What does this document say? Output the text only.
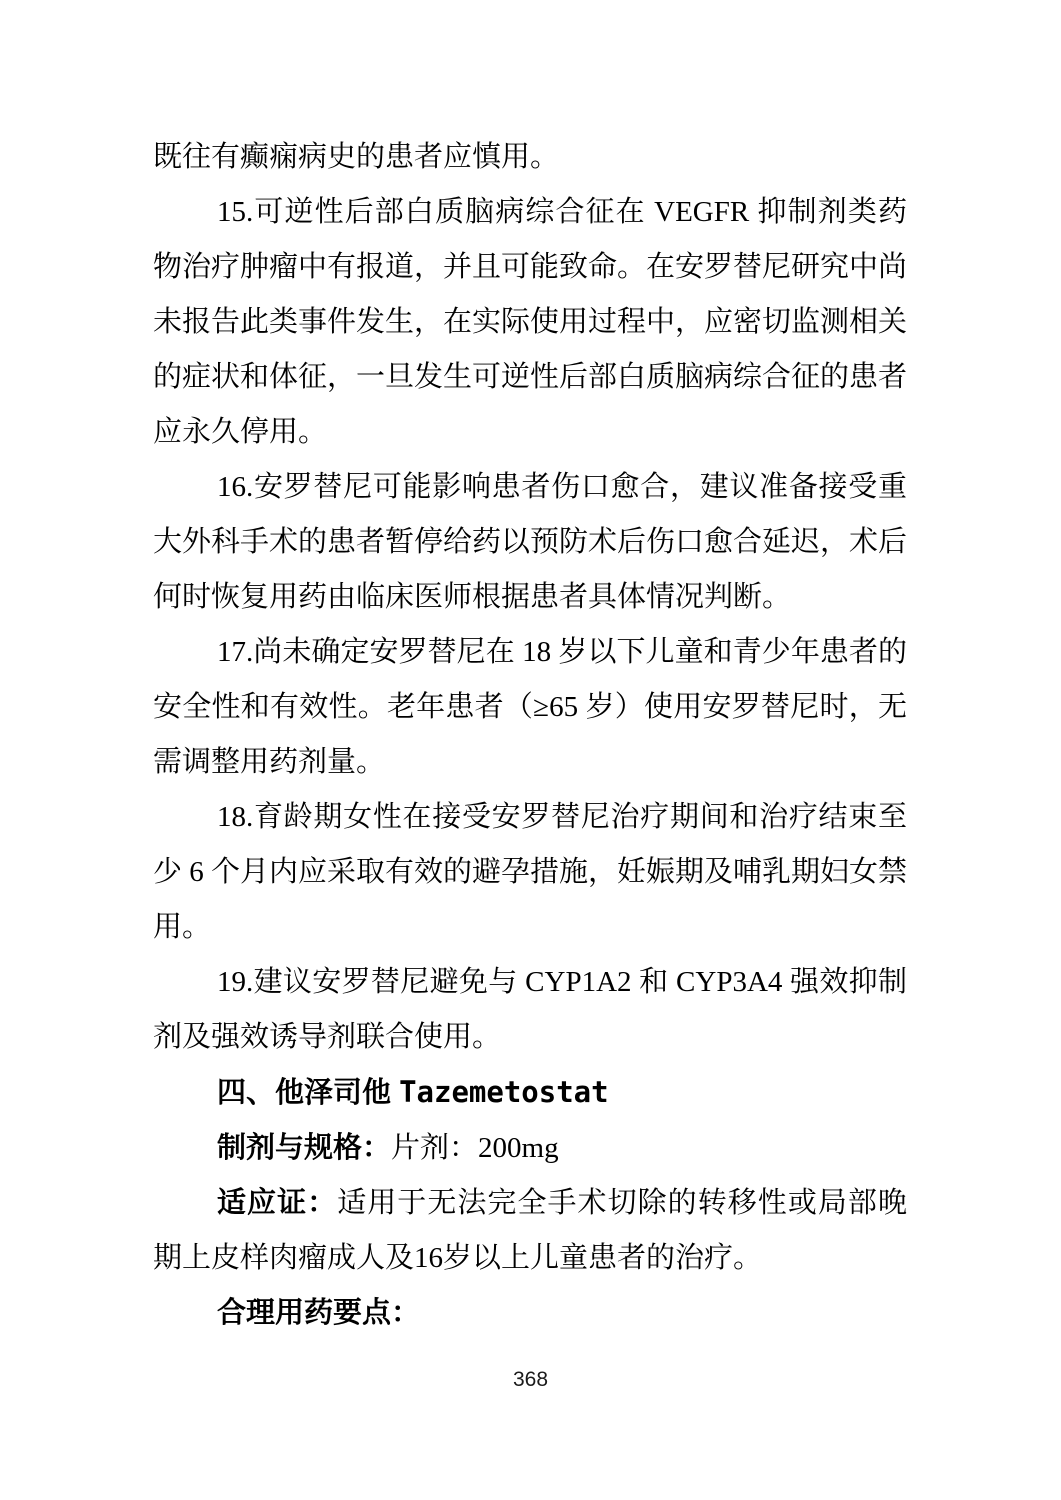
既往有癫痫病史的患者应慎用。

15.可逆性后部白质脑病综合征在 VEGFR 抑制剂类药物治疗肿瘤中有报道，并且可能致命。在安罗替尼研究中尚未报告此类事件发生，在实际使用过程中，应密切监测相关的症状和体征，一旦发生可逆性后部白质脑病综合征的患者应永久停用。

16.安罗替尼可能影响患者伤口愈合，建议准备接受重大外科手术的患者暂停给药以预防术后伤口愈合延迟，术后何时恢复用药由临床医师根据患者具体情况判断。

17.尚未确定安罗替尼在 18 岁以下儿童和青少年患者的安全性和有效性。老年患者（≥65 岁）使用安罗替尼时，无需调整用药剂量。

18.育龄期女性在接受安罗替尼治疗期间和治疗结束至少 6 个月内应采取有效的避孕措施，妊娠期及哺乳期妇女禁用。

19.建议安罗替尼避免与 CYP1A2 和 CYP3A4 强效抑制剂及强效诱导剂联合使用。

四、他泽司他 Tazemetostat

制剂与规格：片剂：200mg

适应证：适用于无法完全手术切除的转移性或局部晚期上皮样肉瘤成人及16岁以上儿童患者的治疗。

合理用药要点：

368
